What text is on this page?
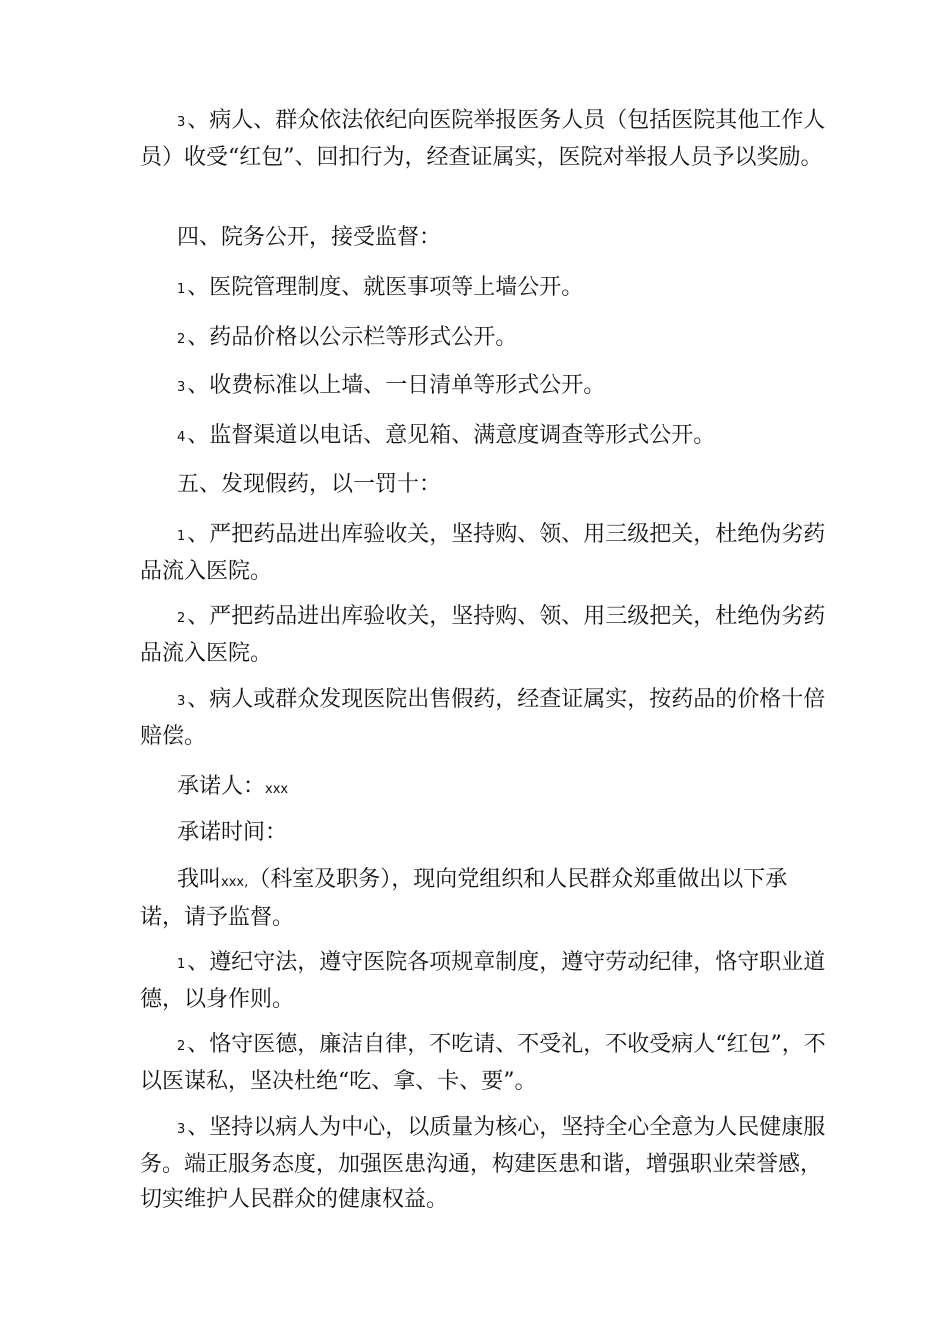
3、病人、群众依法依纪向医院举报医务人员（包括医院其他工作人员）收受“红包”、回扣行为，经查证属实，医院对举报人员予以奖励。

四、院务公开，接受监督：

1、医院管理制度、就医事项等上墙公开。

2、药品价格以公示栏等形式公开。

3、收费标准以上墙、一日清单等形式公开。

4、监督渠道以电话、意见箱、满意度调查等形式公开。

五、发现假药，以一罚十：

1、严把药品进出库验收关，坚持购、领、用三级把关，杜绝伪劣药品流入医院。

2、严把药品进出库验收关，坚持购、领、用三级把关，杜绝伪劣药品流入医院。

3、病人或群众发现医院出售假药，经查证属实，按药品的价格十倍赔偿。

承诺人：xxx

承诺时间：

我叫xxx,（科室及职务），现向党组织和人民群众郑重做出以下承诺，请予监督。

1、遵纪守法，遵守医院各项规章制度，遵守劳动纪律，恪守职业道德，以身作则。

2、恪守医德，廉洁自律，不吃请、不受礼，不收受病人“红包”，不以医谋私，坚决杜绝“吃、拿、卡、要”。

3、坚持以病人为中心，以质量为核心，坚持全心全意为人民健康服务。端正服务态度，加强医患沟通，构建医患和谐，增强职业荣誉感，切实维护人民群众的健康权益。
